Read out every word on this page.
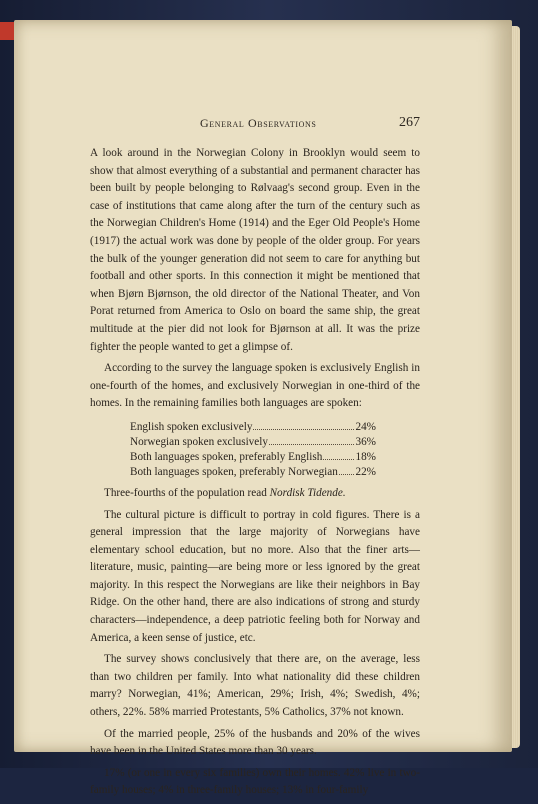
General Observations	267

A look around in the Norwegian Colony in Brooklyn would seem to show that almost everything of a substantial and permanent character has been built by people belonging to Rølvaag's second group. Even in the case of institutions that came along after the turn of the century such as the Norwegian Children's Home (1914) and the Eger Old People's Home (1917) the actual work was done by people of the older group. For years the bulk of the younger generation did not seem to care for anything but football and other sports. In this connection it might be mentioned that when Bjørn Bjørnson, the old director of the National Theater, and Von Porat returned from America to Oslo on board the same ship, the great multitude at the pier did not look for Bjørnson at all. It was the prize fighter the people wanted to get a glimpse of.

According to the survey the language spoken is exclusively English in one-fourth of the homes, and exclusively Norwegian in one-third of the homes. In the remaining families both languages are spoken:

English spoken exclusively	24%
Norwegian spoken exclusively	36%
Both languages spoken, preferably English	18%
Both languages spoken, preferably Norwegian 22%

Three-fourths of the population read Nordisk Tidende.

The cultural picture is difficult to portray in cold figures. There is a general impression that the large majority of Norwegians have elementary school education, but no more. Also that the finer arts—literature, music, painting—are being more or less ignored by the great majority. In this respect the Norwegians are like their neighbors in Bay Ridge. On the other hand, there are also indications of strong and sturdy characters—independence, a deep patriotic feeling both for Norway and America, a keen sense of justice, etc.

The survey shows conclusively that there are, on the average, less than two children per family. Into what nationality did these children marry? Norwegian, 41%; American, 29%; Irish, 4%; Swedish, 4%; others, 22%. 58% married Protestants, 5% Catholics, 37% not known.

Of the married people, 25% of the husbands and 20% of the wives have been in the United States more than 30 years.

17% (or one in every six families) own their homes. 42% live in two-family houses; 4% in three-family houses; 13% in four-family
